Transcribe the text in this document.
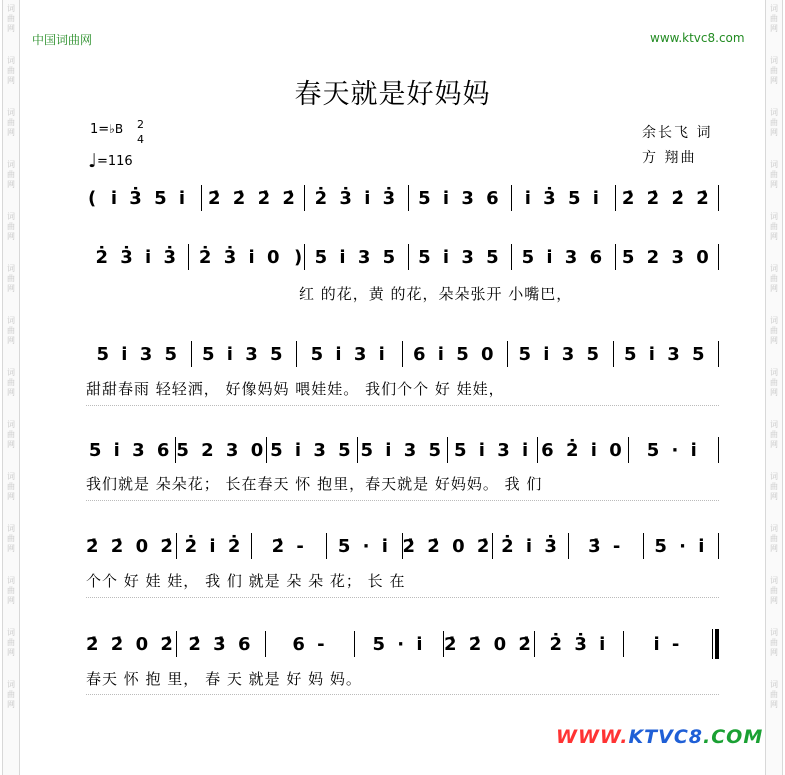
词曲网
词曲网
词曲网
词曲网
词曲网
词曲网
词曲网
词曲网
词曲网
词曲网
词曲网
词曲网
词曲网
词曲网
词曲网
词曲网
词曲网
词曲网
词曲网
词曲网
词曲网
词曲网
词曲网
词曲网
词曲网
词曲网
词曲网
词曲网
中国词曲网	www.ktvc8.com
春天就是好妈妈
1=♭B 2
4
♩=116
余长飞 词
方 翔曲
( i̇ 3̇ 5 i̇	2̇ 2̇ 2̇ 2̇ 2̇ 3̇ i̇ 3̇	5 i̇ 3 6	i̇ 3̇ 5 i̇	2̇ 2̇ 2̇ 2̇
2̇ 3̇ i̇ 3̇	2̇ 3̇ i̇ 0 ) 5 i̇ 3 5	5 i̇ 3 5	5 i̇ 3 6 5 2 3 0
红 的花，黄 的花，朵朵张开 小嘴巴，
5 i̇ 3 5	5 i̇ 3 5	5 i̇ 3 i̇	6 i̇ 5 0	5 i̇ 3 5	5 i̇ 3 5
甜甜春雨 轻轻洒， 好像妈妈 喂娃娃。 我们个个 好 娃娃，
5 i̇ 3 6 5 2 3 0 5 i̇ 3 5 5 i̇ 3 5 5 i̇ 3 i̇ 6 2̇ i̇ 0	5 · i̇
我们就是 朵朵花； 长在春天 怀 抱里，春天就是 好妈妈。 我 们
2̇ 2̇ 0 2̇ 2̇ i̇ 2̇	2̇ -	5 · i̇ 2̇ 2̇ 0 2̇ 2̇ i̇ 3̇	3̇ -	5 · i̇
个个 好 娃 娃， 我 们 就是 朵 朵 花； 长 在
2̇ 2̇ 0 2̇ 2̇ 3̇ 6	6 -	5 · i̇	2̇ 2̇ 0 2̇ 2̇ 3̇ i̇	i̇ -
春天 怀 抱 里， 春 天 就是 好 妈 妈。
WWW.KTVC8.COM
